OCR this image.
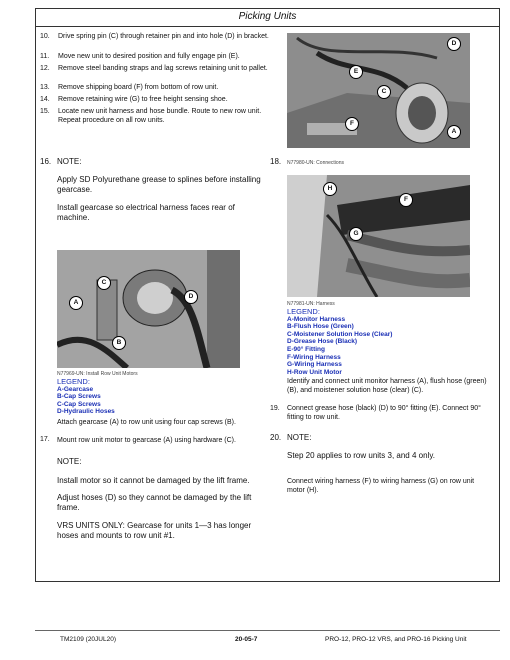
Picking Units
10.	Drive spring pin (C) through retainer pin and into hole (D) in bracket.
11.	Move new unit to desired position and fully engage pin (E).
12.	Remove steel banding straps and lag screws retaining unit to pallet.
13.	Remove shipping board (F) from bottom of row unit.
14.	Remove retaining wire (G) to free height sensing shoe.
15.	Locate new unit harness and hose bundle. Route to new row unit. Repeat procedure on all row units.
D
E
C
F
A
16. NOTE:
Apply SD Polyurethane grease to splines before installing gearcase.
Install gearcase so electrical harness faces rear of machine.
C
D
A
B
N77969-UN: Install Row Unit Motors
LEGEND:
A-Gearcase
B-Cap Screws
C-Cap Screws
D-Hydraulic Hoses
Attach gearcase (A) to row unit using four cap screws (B).
17. Mount row unit motor to gearcase (A) using hardware (C).
NOTE:
Install motor so it cannot be damaged by the lift frame.
Adjust hoses (D) so they cannot be damaged by the lift frame.
VRS UNITS ONLY: Gearcase for units 1—3 has longer hoses and mounts to row unit #1.
18. N77980-UN: Connections
H
F
G
N77981-UN: Harness
LEGEND:
A-Monitor Harness
B-Flush Hose (Green)
C-Moistener Solution Hose (Clear)
D-Grease Hose (Black)
E-90° Fitting
F-Wiring Harness
G-Wiring Harness
H-Row Unit Motor
Identify and connect unit monitor harness (A), flush hose (green) (B), and moistener solution hose (clear) (C).
19. Connect grease hose (black) (D) to 90° fitting (E). Connect 90° fitting to row unit.
20. NOTE:
Step 20 applies to row units 3, and 4 only.
Connect wiring harness (F) to wiring harness (G) on row unit motor (H).
TM2109 (20JUL20)	20-05-7	PRO-12, PRO-12 VRS, and PRO-16 Picking Unit
